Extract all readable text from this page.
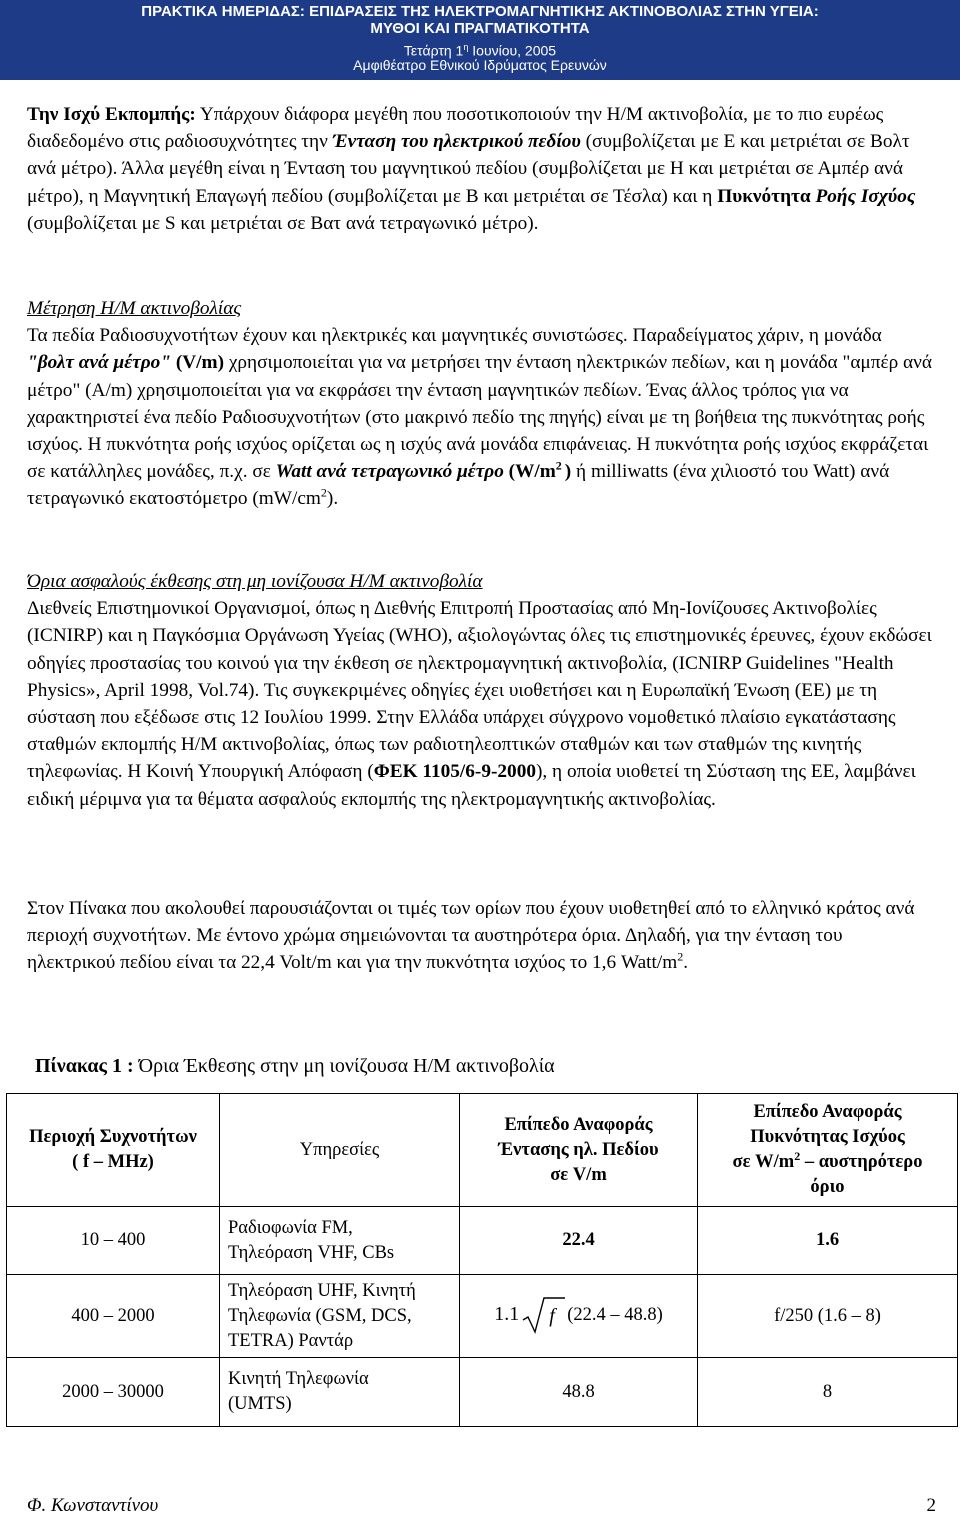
ΠΡΑΚΤΙΚΑ ΗΜΕΡΙΔΑΣ: ΕΠΙΔΡΑΣΕΙΣ ΤΗΣ ΗΛΕΚΤΡΟΜΑΓΝΗΤΙΚΗΣ ΑΚΤΙΝΟΒΟΛΙΑΣ ΣΤΗΝ ΥΓΕΙΑ:
ΜΥΘΟΙ ΚΑΙ ΠΡΑΓΜΑΤΙΚΟΤΗΤΑ
Τετάρτη $1^\eta$ Ιουνίου, 2005
Αμφιθέατρο Εθνικού Ιδρύματος Ερευνών

Την Ισχύ Εκπομπής: Υπάρχουν διάφορα μεγέθη που ποσοτικοποιούν την Η/Μ ακτινοβολία, με το πιο ευρέως διαδεδομένο στις ραδιοσυχνότητες την Ένταση του ηλεκτρικού πεδίου (συμβολίζεται με Ε και μετριέται σε Βολτ ανά μέτρο). Άλλα μεγέθη είναι η Ένταση του μαγνητικού πεδίου (συμβολίζεται με Η και μετριέται σε Αμπέρ ανά μέτρο), η Μαγνητική Επαγωγή πεδίου (συμβολίζεται με Β και μετριέται σε Τέσλα) και η Πυκνότητα Ροής Ισχύος (συμβολίζεται με S και μετριέται σε Βατ ανά τετραγωνικό μέτρο).

Μέτρηση Η/Μ ακτινοβολίας
Τα πεδία Ραδιοσυχνοτήτων έχουν και ηλεκτρικές και μαγνητικές συνιστώσες. Παραδείγματος χάριν, η μονάδα "βολτ ανά μέτρο" (V/m) χρησιμοποιείται για να μετρήσει την ένταση ηλεκτρικών πεδίων, και η μονάδα "αμπέρ ανά μέτρο" (A/m) χρησιμοποιείται για να εκφράσει την ένταση μαγνητικών πεδίων. Ένας άλλος τρόπος για να χαρακτηριστεί ένα πεδίο Ραδιοσυχνοτήτων (στο μακρινό πεδίο της πηγής) είναι με τη βοήθεια της πυκνότητας ροής ισχύος. Η πυκνότητα ροής ισχύος ορίζεται ως η ισχύς ανά μονάδα επιφάνειας. Η πυκνότητα ροής ισχύος εκφράζεται σε κατάλληλες μονάδες, π.χ. σε Watt ανά τετραγωνικό μέτρο ($W/m^2$ ) ή milliwatts (ένα χιλιοστό του Watt) ανά τετραγωνικό εκατοστόμετρο $(mW/cm^2)$.

Όρια ασφαλούς έκθεσης στη μη ιονίζουσα Η/Μ ακτινοβολία
Διεθνείς Επιστημονικοί Οργανισμοί, όπως η Διεθνής Επιτροπή Προστασίας από Μη-Ιονίζουσες Ακτινοβολίες (ICNIRP) και η Παγκόσμια Οργάνωση Υγείας (WHO), αξιολογώντας όλες τις επιστημονικές έρευνες, έχουν εκδώσει οδηγίες προστασίας του κοινού για την έκθεση σε ηλεκτρομαγνητική ακτινοβολία, (ICNIRP Guidelines "Health Physics», April 1998, Vol.74). Τις συγκεκριμένες οδηγίες έχει υιοθετήσει και η Ευρωπαϊκή Ένωση (ΕΕ) με τη σύσταση που εξέδωσε στις 12 Ιουλίου 1999. Στην Ελλάδα υπάρχει σύγχρονο νομοθετικό πλαίσιο εγκατάστασης σταθμών εκπομπής Η/Μ ακτινοβολίας, όπως των ραδιοτηλεοπτικών σταθμών και των σταθμών της κινητής τηλεφωνίας. Η Κοινή Υπουργική Απόφαση (ΦΕΚ 1105/6-9-2000), η οποία υιοθετεί τη Σύσταση της ΕΕ, λαμβάνει ειδική μέριμνα για τα θέματα ασφαλούς εκπομπής της ηλεκτρομαγνητικής ακτινοβολίας.

Στον Πίνακα που ακολουθεί παρουσιάζονται οι τιμές των ορίων που έχουν υιοθετηθεί από το ελληνικό κράτος ανά περιοχή συχνοτήτων. Με έντονο χρώμα σημειώνονται τα αυστηρότερα όρια. Δηλαδή, για την ένταση του ηλεκτρικού πεδίου είναι τα 22,4 Volt/m και για την πυκνότητα ισχύος το 1,6 Watt/$m^2$.

Πίνακας 1 : Όρια Έκθεσης στην μη ιονίζουσα Η/Μ ακτινοβολία
Περιοχή Συχνοτήτων
( f – MHz)	Υπηρεσίες	Επίπεδο Αναφοράς
Έντασης ηλ. Πεδίου
σε V/m	Επίπεδο Αναφοράς
Πυκνότητας Ισχύος
σε $W/m^2$ – αυστηρότερο
όριο
10 – 400	Ραδιοφωνία FM,
Τηλεόραση VHF, CBs	22.4	1.6
400 – 2000	Τηλεόραση UHF, Κινητή
Τηλεφωνία (GSM, DCS,
TETRA) Ραντάρ	1.1 f (22.4 – 48.8)	f/250 (1.6 – 8)
2000 – 30000	Κινητή Τηλεφωνία
(UMTS)	48.8	8
Φ. Κωνσταντίνου	2
